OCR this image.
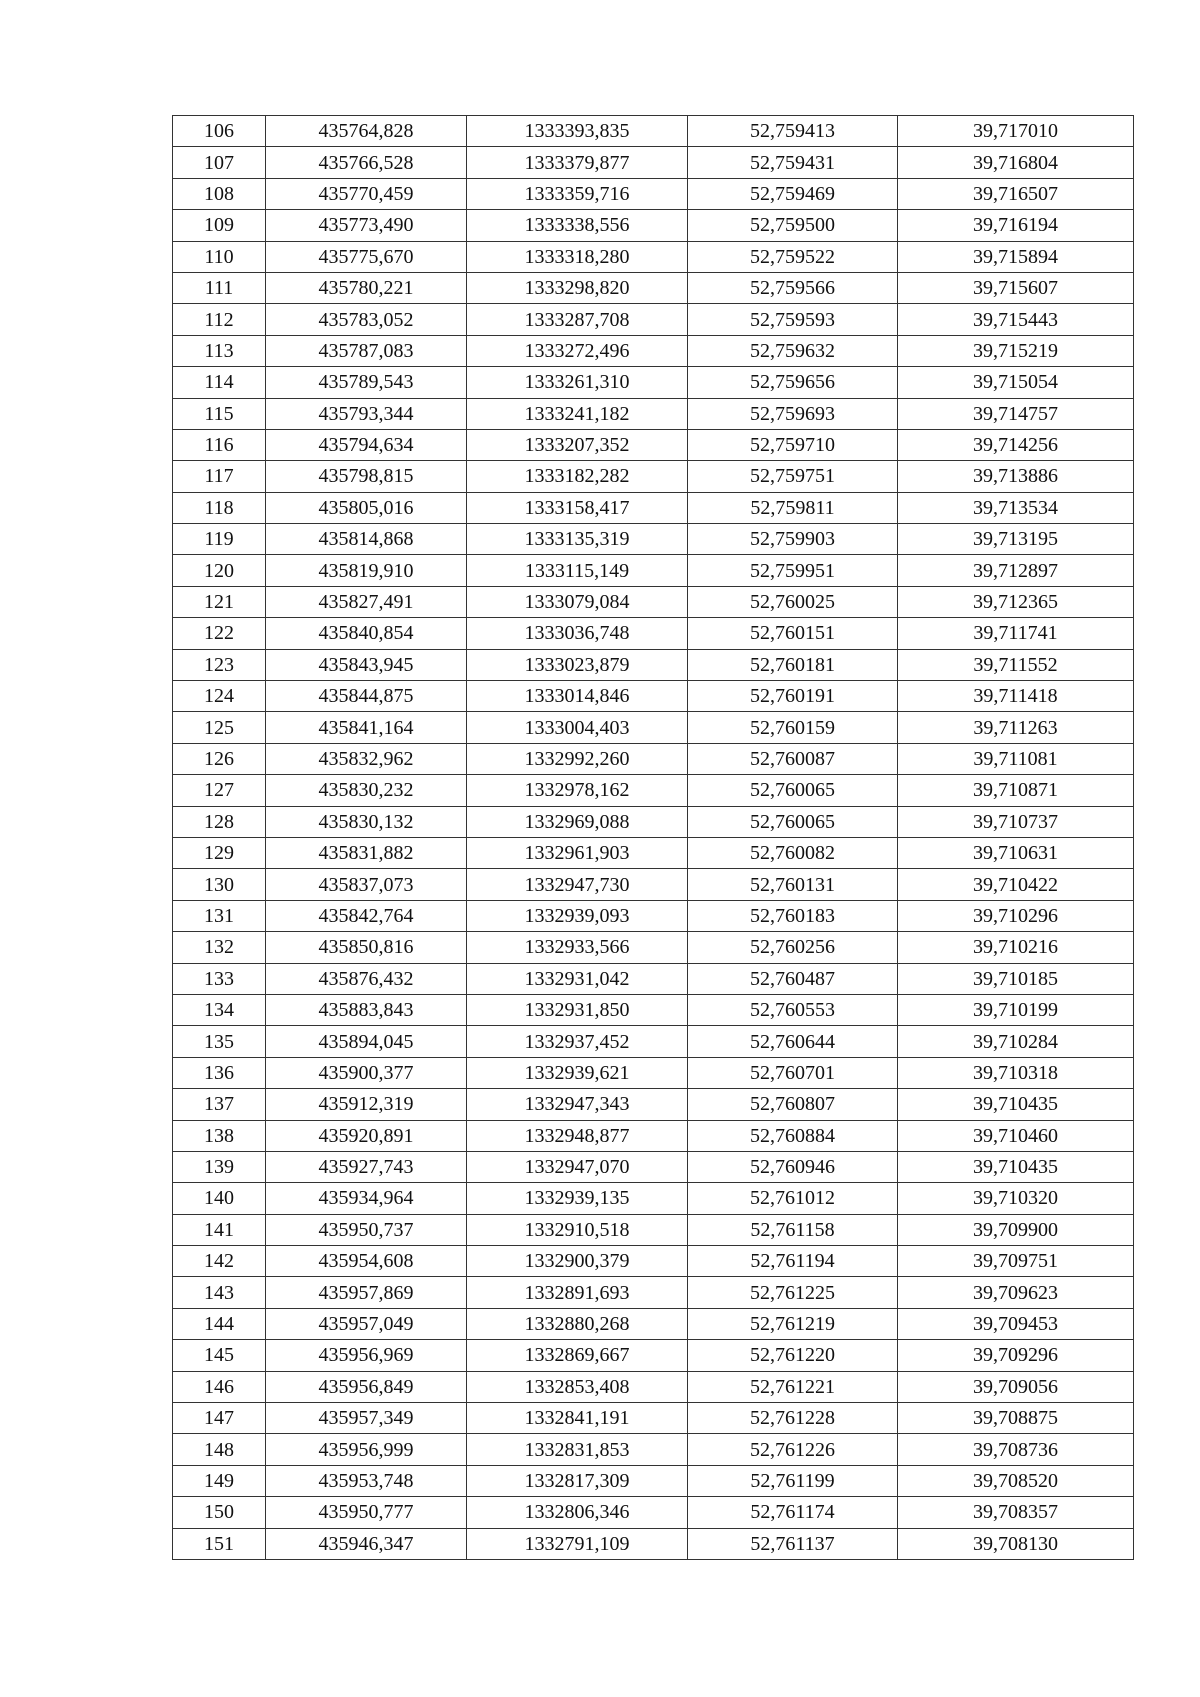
106	435764,828	1333393,835	52,759413	39,717010
107	435766,528	1333379,877	52,759431	39,716804
108	435770,459	1333359,716	52,759469	39,716507
109	435773,490	1333338,556	52,759500	39,716194
110	435775,670	1333318,280	52,759522	39,715894
111	435780,221	1333298,820	52,759566	39,715607
112	435783,052	1333287,708	52,759593	39,715443
113	435787,083	1333272,496	52,759632	39,715219
114	435789,543	1333261,310	52,759656	39,715054
115	435793,344	1333241,182	52,759693	39,714757
116	435794,634	1333207,352	52,759710	39,714256
117	435798,815	1333182,282	52,759751	39,713886
118	435805,016	1333158,417	52,759811	39,713534
119	435814,868	1333135,319	52,759903	39,713195
120	435819,910	1333115,149	52,759951	39,712897
121	435827,491	1333079,084	52,760025	39,712365
122	435840,854	1333036,748	52,760151	39,711741
123	435843,945	1333023,879	52,760181	39,711552
124	435844,875	1333014,846	52,760191	39,711418
125	435841,164	1333004,403	52,760159	39,711263
126	435832,962	1332992,260	52,760087	39,711081
127	435830,232	1332978,162	52,760065	39,710871
128	435830,132	1332969,088	52,760065	39,710737
129	435831,882	1332961,903	52,760082	39,710631
130	435837,073	1332947,730	52,760131	39,710422
131	435842,764	1332939,093	52,760183	39,710296
132	435850,816	1332933,566	52,760256	39,710216
133	435876,432	1332931,042	52,760487	39,710185
134	435883,843	1332931,850	52,760553	39,710199
135	435894,045	1332937,452	52,760644	39,710284
136	435900,377	1332939,621	52,760701	39,710318
137	435912,319	1332947,343	52,760807	39,710435
138	435920,891	1332948,877	52,760884	39,710460
139	435927,743	1332947,070	52,760946	39,710435
140	435934,964	1332939,135	52,761012	39,710320
141	435950,737	1332910,518	52,761158	39,709900
142	435954,608	1332900,379	52,761194	39,709751
143	435957,869	1332891,693	52,761225	39,709623
144	435957,049	1332880,268	52,761219	39,709453
145	435956,969	1332869,667	52,761220	39,709296
146	435956,849	1332853,408	52,761221	39,709056
147	435957,349	1332841,191	52,761228	39,708875
148	435956,999	1332831,853	52,761226	39,708736
149	435953,748	1332817,309	52,761199	39,708520
150	435950,777	1332806,346	52,761174	39,708357
151	435946,347	1332791,109	52,761137	39,708130
